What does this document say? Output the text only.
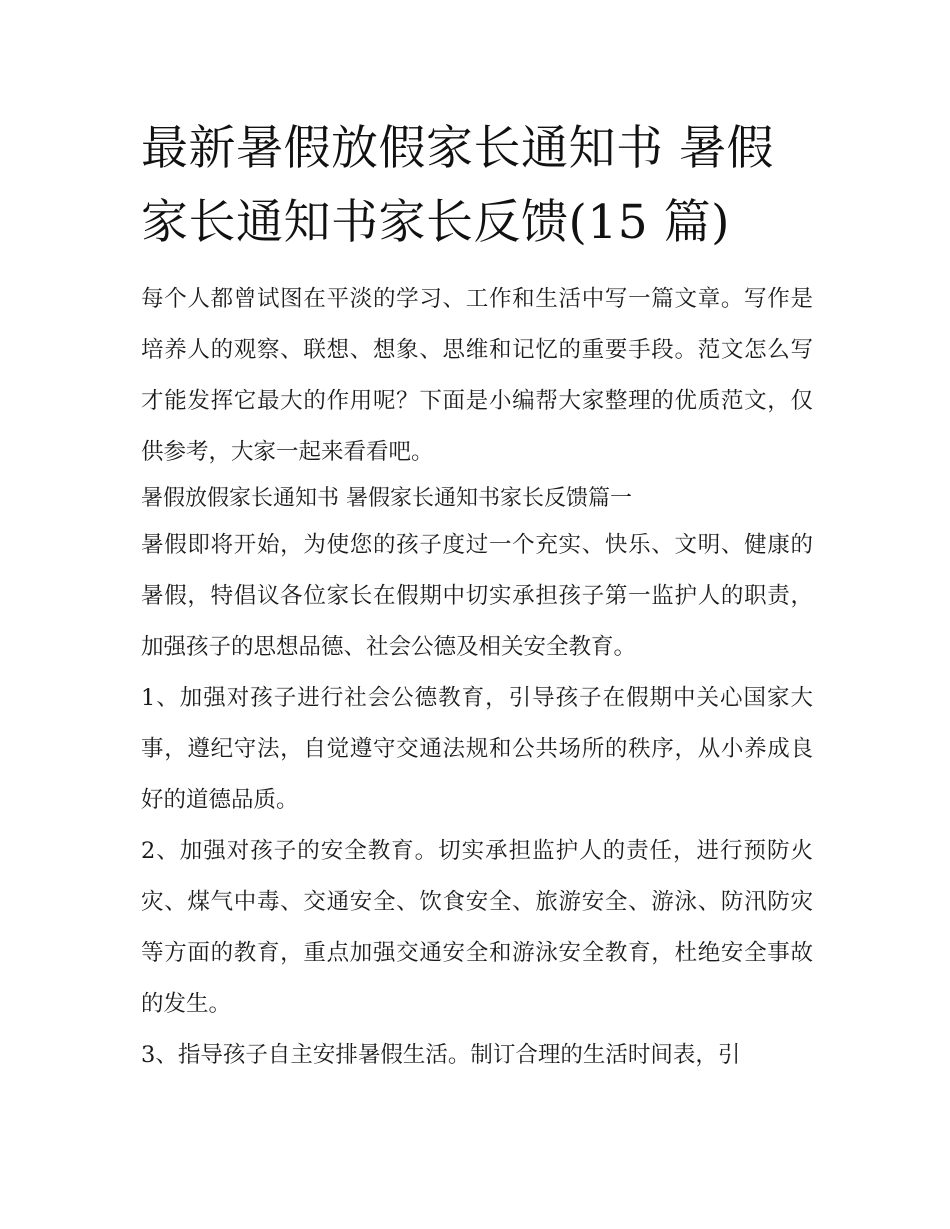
最新暑假放假家长通知书 暑假
家长通知书家长反馈(15 篇)

每个人都曾试图在平淡的学习、工作和生活中写一篇文章。写作是培养人的观察、联想、想象、思维和记忆的重要手段。范文怎么写才能发挥它最大的作用呢？下面是小编帮大家整理的优质范文，仅供参考，大家一起来看看吧。

暑假放假家长通知书 暑假家长通知书家长反馈篇一

暑假即将开始，为使您的孩子度过一个充实、快乐、文明、健康的暑假，特倡议各位家长在假期中切实承担孩子第一监护人的职责，加强孩子的思想品德、社会公德及相关安全教育。

1、加强对孩子进行社会公德教育，引导孩子在假期中关心国家大事，遵纪守法，自觉遵守交通法规和公共场所的秩序，从小养成良好的道德品质。

2、加强对孩子的安全教育。切实承担监护人的责任，进行预防火灾、煤气中毒、交通安全、饮食安全、旅游安全、游泳、防汛防灾等方面的教育，重点加强交通安全和游泳安全教育，杜绝安全事故的发生。

3、指导孩子自主安排暑假生活。制订合理的生活时间表，引
